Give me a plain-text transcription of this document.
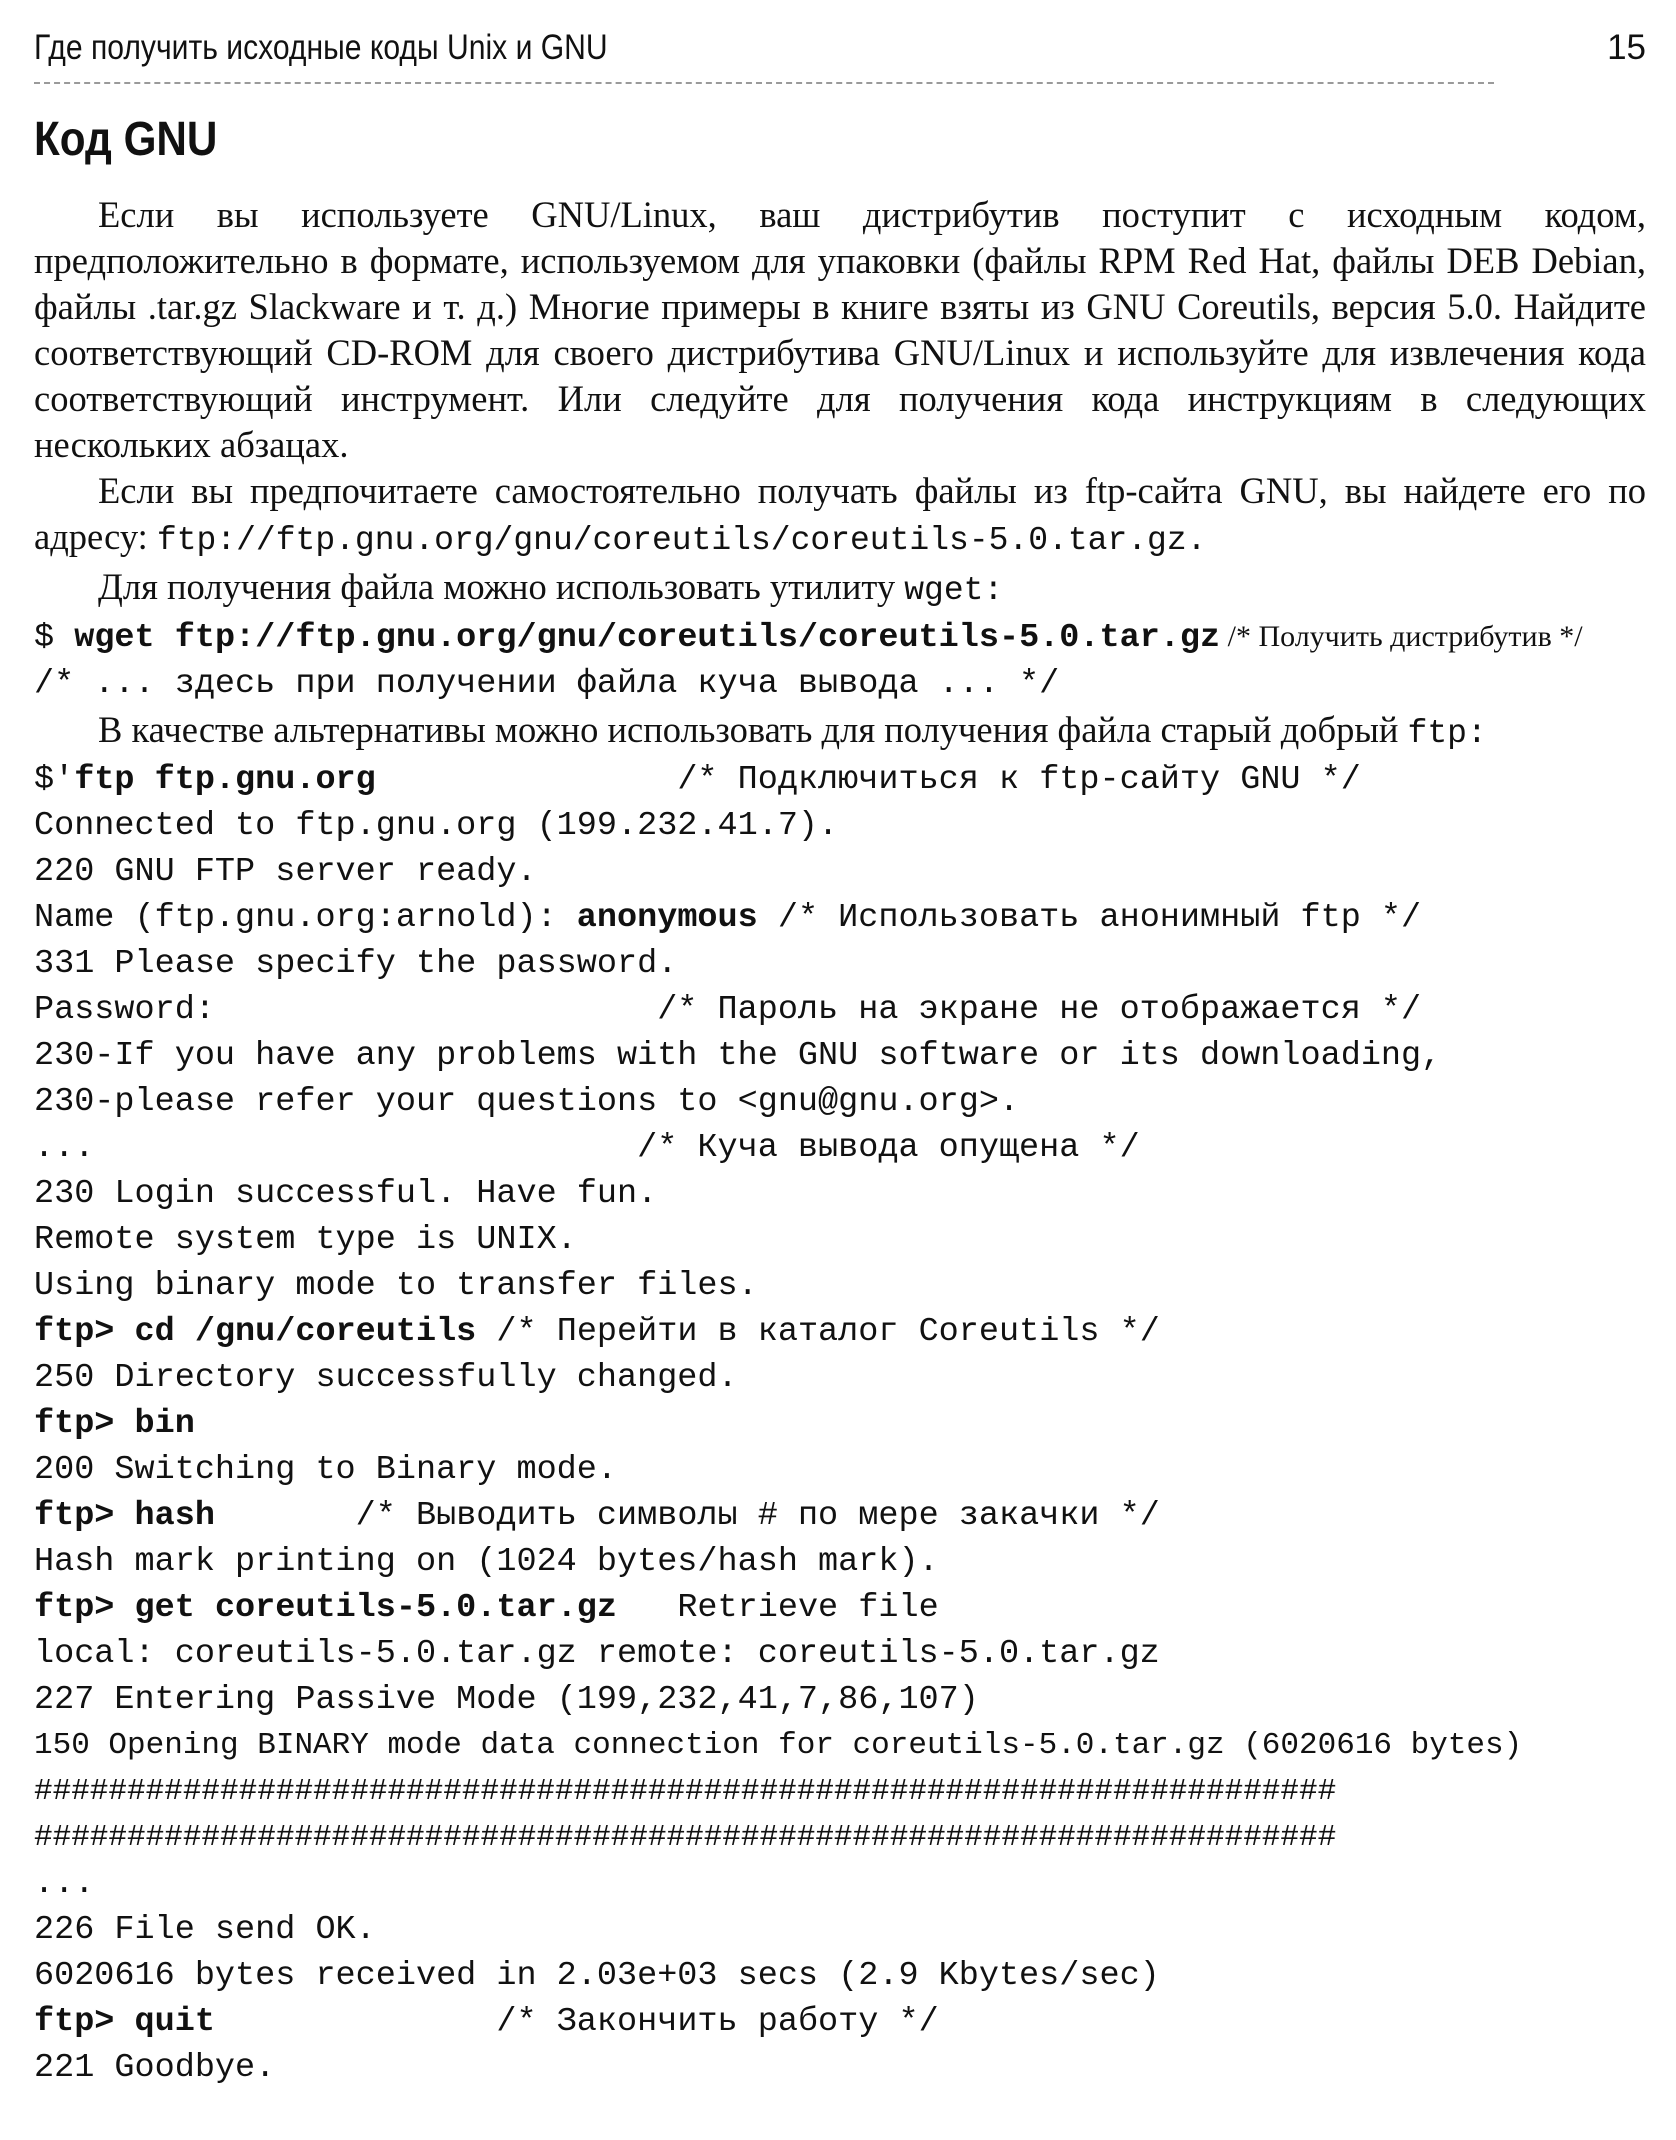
Где получить исходные коды Unix и GNU	15
Код GNU

Если вы используете GNU/Linux, ваш дистрибутив поступит с исходным кодом, предположительно в формате, используемом для упаковки (файлы RPM Red Hat, файлы DEB Debian, файлы .tar.gz Slackware и т. д.) Многие примеры в книге взяты из GNU Coreutils, версия 5.0. Найдите соответствующий CD-ROM для своего дистрибутива GNU/Linux и используйте для извлечения кода соответствующий инструмент. Или следуйте для получения кода инструкциям в следующих нескольких абзацах.

Если вы предпочитаете самостоятельно получать файлы из ftp-сайта GNU, вы найдете его по адресу: ftp://ftp.gnu.org/gnu/coreutils/coreutils-5.0.tar.gz.

Для получения файла можно использовать утилиту wget:

$ wget ftp://ftp.gnu.org/gnu/coreutils/coreutils-5.0.tar.gz /* Получить дистрибутив */
/* ... здесь при получении файла куча вывода ... */

В качестве альтернативы можно использовать для получения файла старый добрый ftp:

$'ftp ftp.gnu.org               /* Подключиться к ftp-сайту GNU */
Connected to ftp.gnu.org (199.232.41.7).
220 GNU FTP server ready.
Name (ftp.gnu.org:arnold): anonymous /* Использовать анонимный ftp */
331 Please specify the password.
Password:                      /* Пароль на экране не отображается */
230-If you have any problems with the GNU software or its downloading,
230-please refer your questions to <gnu@gnu.org>.
...                           /* Куча вывода опущена */
230 Login successful. Have fun.
Remote system type is UNIX.
Using binary mode to transfer files.
ftp> cd /gnu/coreutils /* Перейти в каталог Coreutils */
250 Directory successfully changed.
ftp> bin
200 Switching to Binary mode.
ftp> hash       /* Выводить символы # по мере закачки */
Hash mark printing on (1024 bytes/hash mark).
ftp> get coreutils-5.0.tar.gz   Retrieve file
local: coreutils-5.0.tar.gz remote: coreutils-5.0.tar.gz
227 Entering Passive Mode (199,232,41,7,86,107)
150 Opening BINARY mode data connection for coreutils-5.0.tar.gz (6020616 bytes)
######################################################################
######################################################################
...
226 File send OK.
6020616 bytes received in 2.03e+03 secs (2.9 Kbytes/sec)
ftp> quit              /* Закончить работу */
221 Goodbye.
